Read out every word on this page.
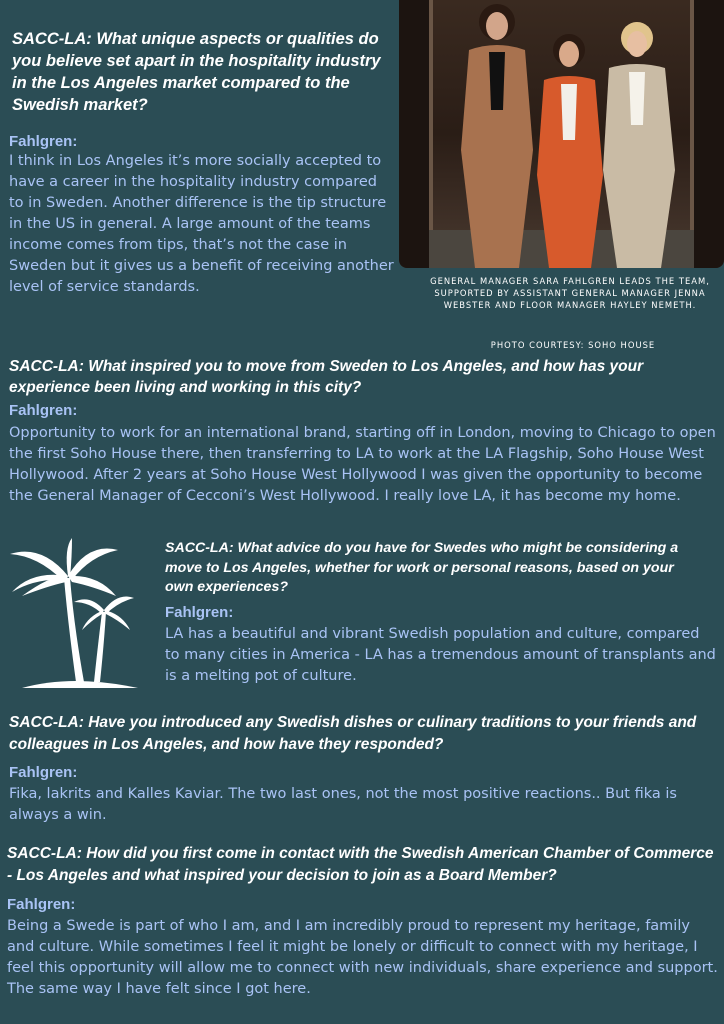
SACC-LA: What unique aspects or qualities do you believe set apart in the hospitality industry in the Los Angeles market compared to the Swedish market?

Fahlgren:

I think in Los Angeles it’s more socially accepted to have a career in the hospitality industry compared to in Sweden. Another difference is the tip structure in the US in general. A large amount of the teams income comes from tips, that’s not the case in Sweden but it gives us a benefit of receiving another level of service standards.	GENERAL MANAGER SARA FAHLGREN LEADS THE TEAM, SUPPORTED BY ASSISTANT GENERAL MANAGER JENNA WEBSTER AND FLOOR MANAGER HAYLEY NEMETH.

PHOTO COURTESY: SOHO HOUSE

SACC-LA: What inspired you to move from Sweden to Los Angeles, and how has your experience been living and working in this city?

Fahlgren:

Opportunity to work for an international brand, starting off in London, moving to Chicago to open the first Soho House there, then transferring to LA to work at the LA Flagship, Soho House West Hollywood. After 2 years at Soho House West Hollywood I was given the opportunity to become the General Manager of Cecconi’s West Hollywood. I really love LA, it has become my home.

SACC-LA: What advice do you have for Swedes who might be considering a move to Los Angeles, whether for work or personal reasons, based on your own experiences?

Fahlgren:

LA has a beautiful and vibrant Swedish population and culture, compared to many cities in America - LA has a tremendous amount of transplants and is a melting pot of culture.

SACC-LA: Have you introduced any Swedish dishes or culinary traditions to your friends and colleagues in Los Angeles, and how have they responded?

Fahlgren:

Fika, lakrits and Kalles Kaviar. The two last ones, not the most positive reactions.. But fika is always a win.

SACC-LA: How did you first come in contact with the Swedish American Chamber of Commerce - Los Angeles and what inspired your decision to join as a Board Member?

Fahlgren:

Being a Swede is part of who I am, and I am incredibly proud to represent my heritage, family and culture. While sometimes I feel it might be lonely or difficult to connect with my heritage, I feel this opportunity will allow me to connect with new individuals, share experience and support. The same way I have felt since I got here.
